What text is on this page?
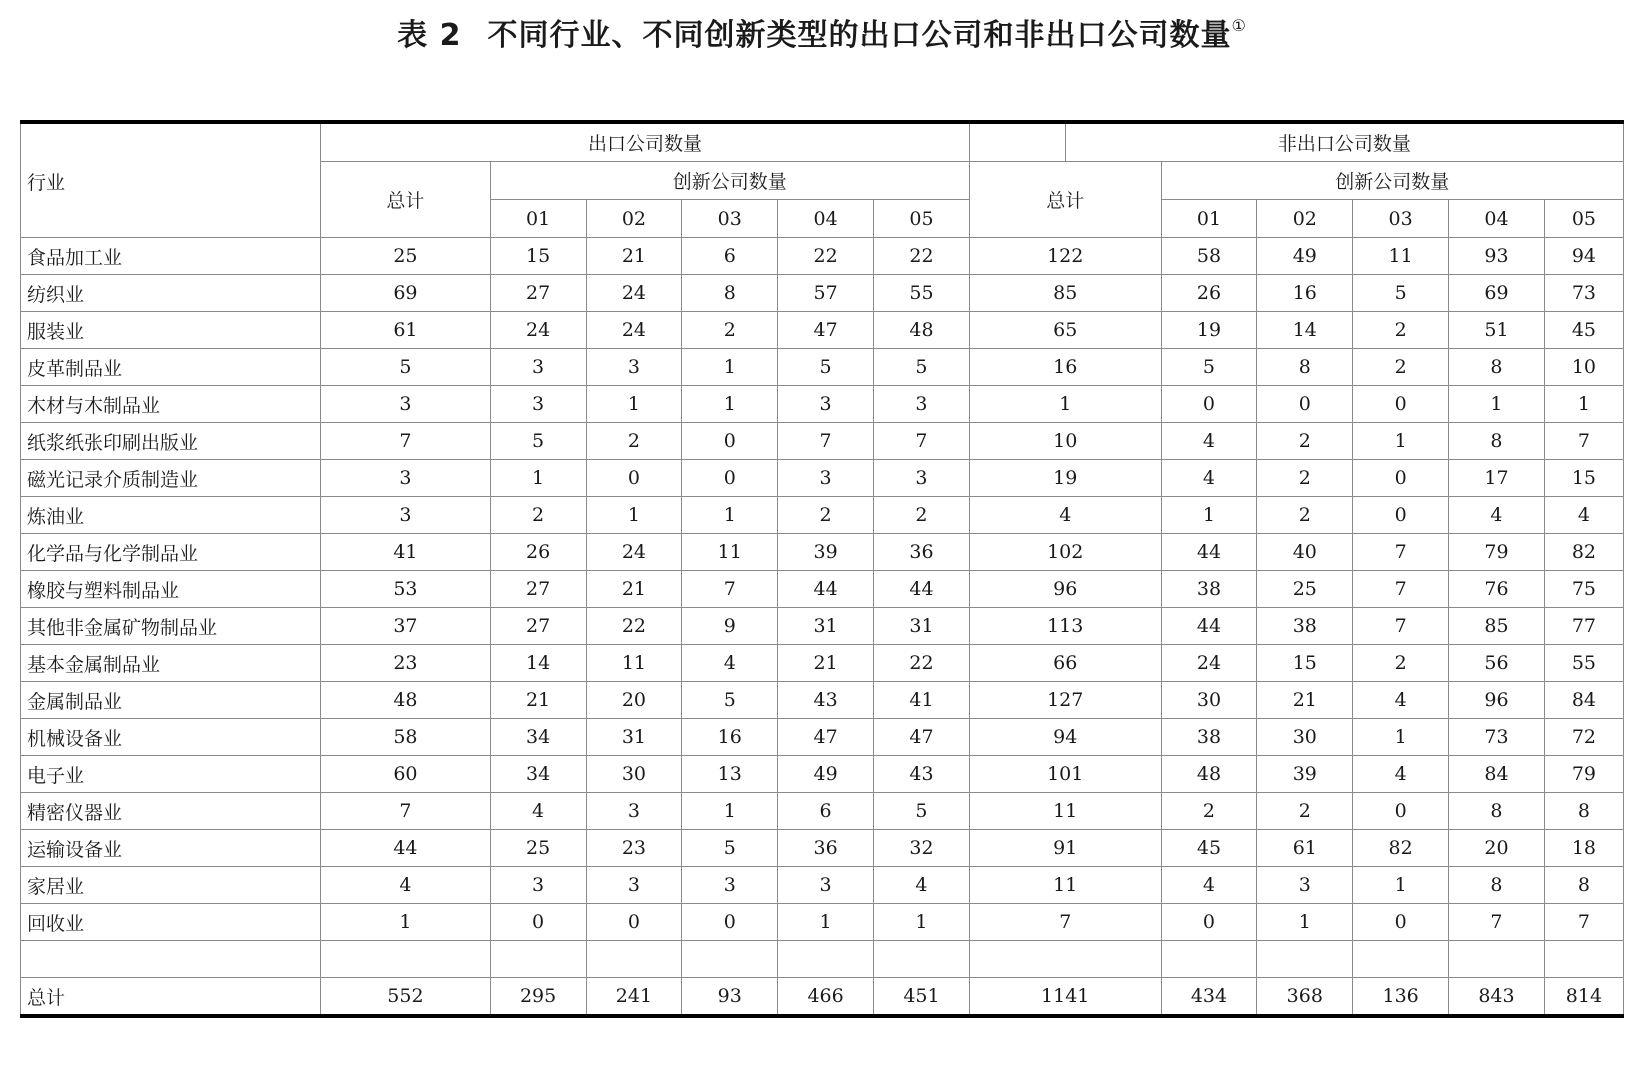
表 2 不同行业、不同创新类型的出口公司和非出口公司数量①
行业	出口公司数量							非出口公司数量					
	总计	创新公司数量					总计		创新公司数量				
		01	02	03	04	05			01	02	03	04	05
食品加工业	25	15	21	6	22	22	122		58	49	11	93	94
纺织业	69	27	24	8	57	55	85		26	16	5	69	73
服装业	61	24	24	2	47	48	65		19	14	2	51	45
皮革制品业	5	3	3	1	5	5	16		5	8	2	8	10
木材与木制品业	3	3	1	1	3	3	1		0	0	0	1	1
纸浆纸张印刷出版业	7	5	2	0	7	7	10		4	2	1	8	7
磁光记录介质制造业	3	1	0	0	3	3	19		4	2	0	17	15
炼油业	3	2	1	1	2	2	4		1	2	0	4	4
化学品与化学制品业	41	26	24	11	39	36	102		44	40	7	79	82
橡胶与塑料制品业	53	27	21	7	44	44	96		38	25	7	76	75
其他非金属矿物制品业	37	27	22	9	31	31	113		44	38	7	85	77
基本金属制品业	23	14	11	4	21	22	66		24	15	2	56	55
金属制品业	48	21	20	5	43	41	127		30	21	4	96	84
机械设备业	58	34	31	16	47	47	94		38	30	1	73	72
电子业	60	34	30	13	49	43	101		48	39	4	84	79
精密仪器业	7	4	3	1	6	5	11		2	2	0	8	8
运输设备业	44	25	23	5	36	32	91		45	61	82	20	18
家居业	4	3	3	3	3	4	11		4	3	1	8	8
回收业	1	0	0	0	1	1	7		0	1	0	7	7

总计	552	295	241	93	466	451	1141		434	368	136	843	814
